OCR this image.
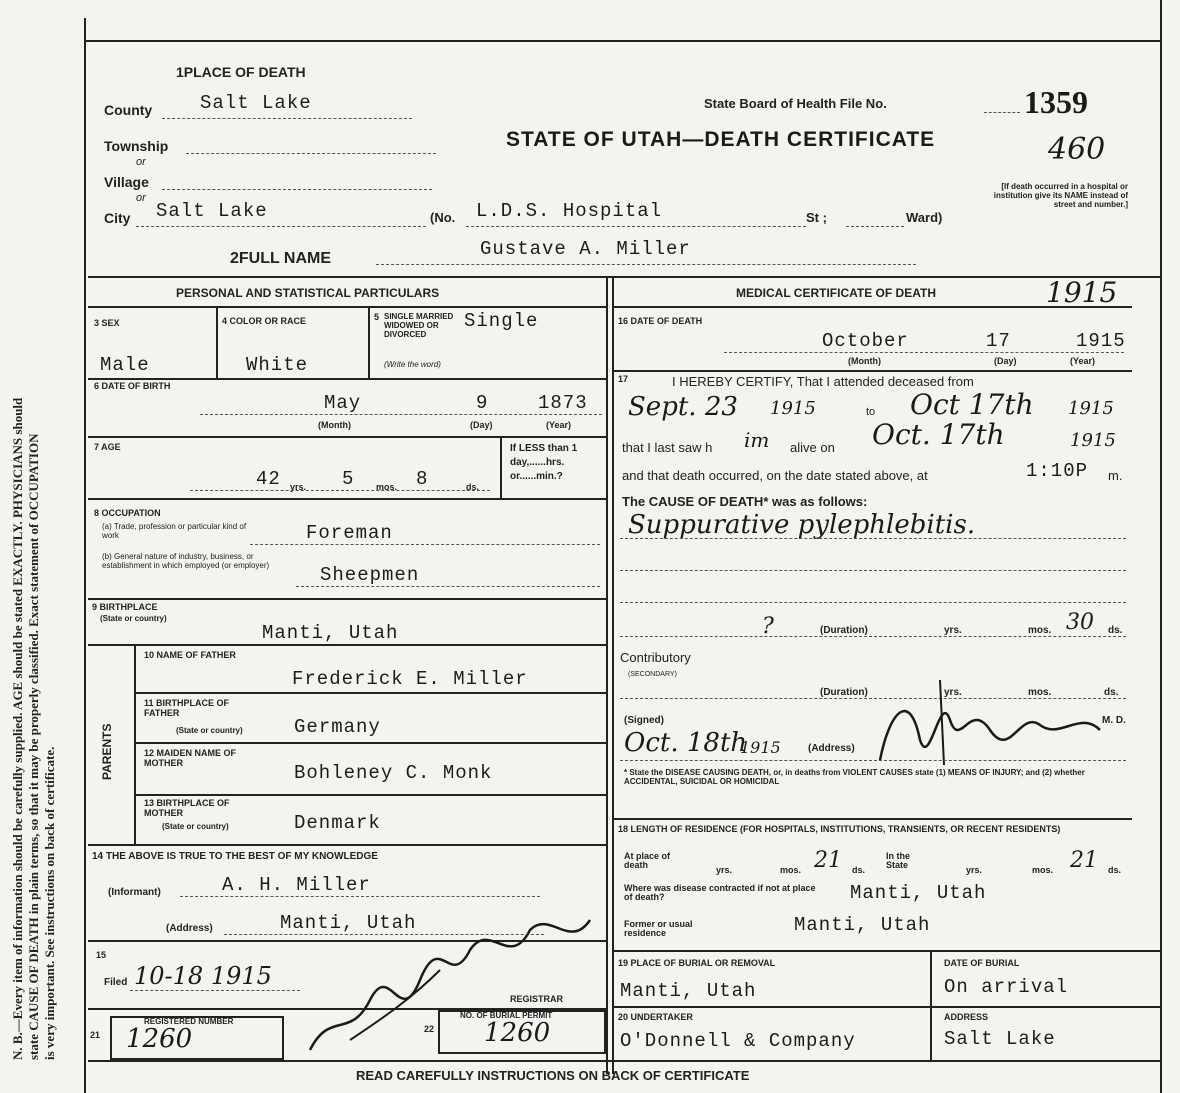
N. B.—Every item of information should be carefully supplied. AGE should be stated EXACTLY. PHYSICIANS should state CAUSE OF DEATH in plain terms, so that it may be properly classified. Exact statement of OCCUPATION is very important. See instructions on back of certificate.
1PLACE OF DEATH
County	Salt Lake
Township
or
Village
or
City Salt Lake	(No. L.D.S. Hospital	St ;	Ward)
State Board of Health File No.	1359
460
STATE OF UTAH—DEATH CERTIFICATE
[If death occurred in a hospital or institution give its NAME instead of street and number.]
2FULL NAME	Gustave A. Miller
PERSONAL AND STATISTICAL PARTICULARS
3 SEX
Male
4 COLOR OR RACE
White
5 SINGLE MARRIED WIDOWED OR DIVORCED
(Write the word)
Single
6 DATE OF BIRTH
May	9	1873
(Month)	(Day)	(Year)
7 AGE
42 yrs. 5 mos. 8	ds.
If LESS than 1 day,......hrs. or......min.?
8 OCCUPATION
(a) Trade, profession or particular kind of work	Foreman
(b) General nature of industry, business, or establishment in which employed (or employer)	Sheepmen
9 BIRTHPLACE
(State or country)
Manti, Utah
PARENTS
10 NAME OF FATHER
Frederick E. Miller
11 BIRTHPLACE OF FATHER
(State or country)	Germany
12 MAIDEN NAME OF MOTHER	Bohleney C. Monk
13 BIRTHPLACE OF MOTHER
(State or country)	Denmark
14 THE ABOVE IS TRUE TO THE BEST OF MY KNOWLEDGE
(Informant)	A. H. Miller
(Address)	Manti, Utah
15
Filed 10-18 1915
REGISTRAR
21
REGISTERED NUMBER
1260	22
NO. OF BURIAL PERMIT
1260
MEDICAL CERTIFICATE OF DEATH	1915
16 DATE OF DEATH
October	17	1915
(Month)	(Day)	(Year)
17	I HEREBY CERTIFY, That I attended deceased from
Sept. 23 1915	to Oct 17th 1915
that I last saw h im alive on Oct. 17th	1915
and that death occurred, on the date stated above, at	1:10P m.
The CAUSE OF DEATH* was as follows:
Suppurative pylephlebitis.
?	(Duration)	yrs.	mos. 30 ds.
Contributory
(SECONDARY)
(Duration)	yrs.	mos.	ds.
(Signed)
Oct. 18th
1915	(Address)
M. D.
* State the DISEASE CAUSING DEATH, or, in deaths from VIOLENT CAUSES state (1) MEANS OF INJURY; and (2) whether ACCIDENTAL, SUICIDAL OR HOMICIDAL
18 LENGTH OF RESIDENCE (FOR HOSPITALS, INSTITUTIONS, TRANSIENTS, OR RECENT RESIDENTS)
At place of death	yrs.	mos. 21 ds.
In the State	yrs.	mos. 21 ds.
Where was disease contracted if not at place of death?	Manti, Utah
Former or usual residence	Manti, Utah
19 PLACE OF BURIAL OR REMOVAL
Manti, Utah
DATE OF BURIAL
On arrival
20 UNDERTAKER
O'Donnell & Company
ADDRESS
Salt Lake
READ CAREFULLY INSTRUCTIONS ON BACK OF CERTIFICATE
